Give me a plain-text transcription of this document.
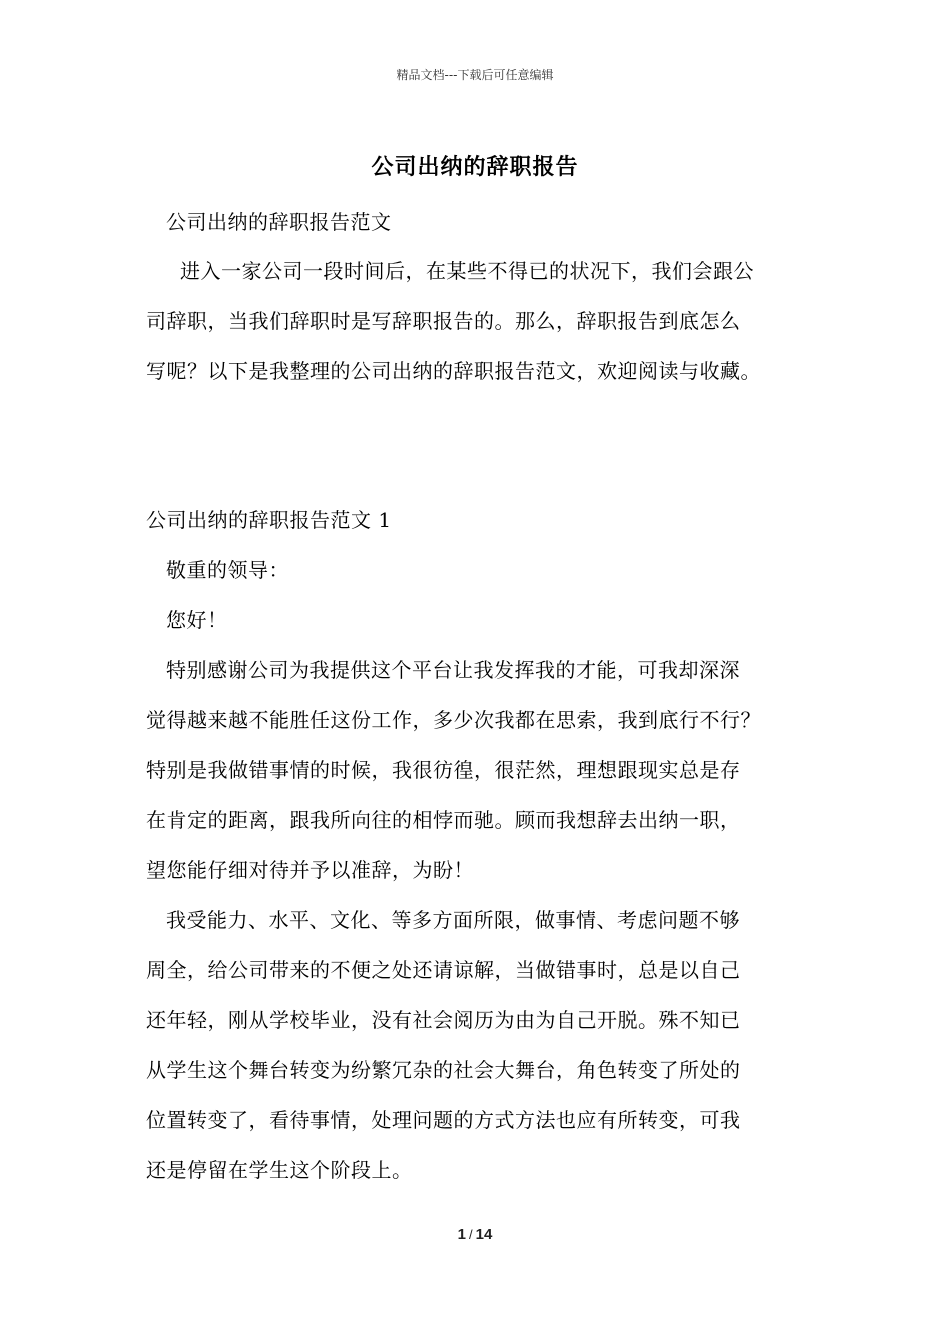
精品文档---下载后可任意编辑
公司出纳的辞职报告
公司出纳的辞职报告范文
进入一家公司一段时间后，在某些不得已的状况下，我们会跟公
司辞职，当我们辞职时是写辞职报告的。那么，辞职报告到底怎么
写呢？以下是我整理的公司出纳的辞职报告范文，欢迎阅读与收藏。
公司出纳的辞职报告范文 1
敬重的领导：
您好！
特别感谢公司为我提供这个平台让我发挥我的才能，可我却深深
觉得越来越不能胜任这份工作，多少次我都在思索，我到底行不行？
特别是我做错事情的时候，我很彷徨，很茫然，理想跟现实总是存
在肯定的距离，跟我所向往的相悖而驰。顾而我想辞去出纳一职，
望您能仔细对待并予以准辞，为盼！
我受能力、水平、文化、等多方面所限，做事情、考虑问题不够
周全，给公司带来的不便之处还请谅解，当做错事时，总是以自己
还年轻，刚从学校毕业，没有社会阅历为由为自己开脱。殊不知已
从学生这个舞台转变为纷繁冗杂的社会大舞台，角色转变了所处的
位置转变了，看待事情，处理问题的方式方法也应有所转变，可我
还是停留在学生这个阶段上。
1 / 14
